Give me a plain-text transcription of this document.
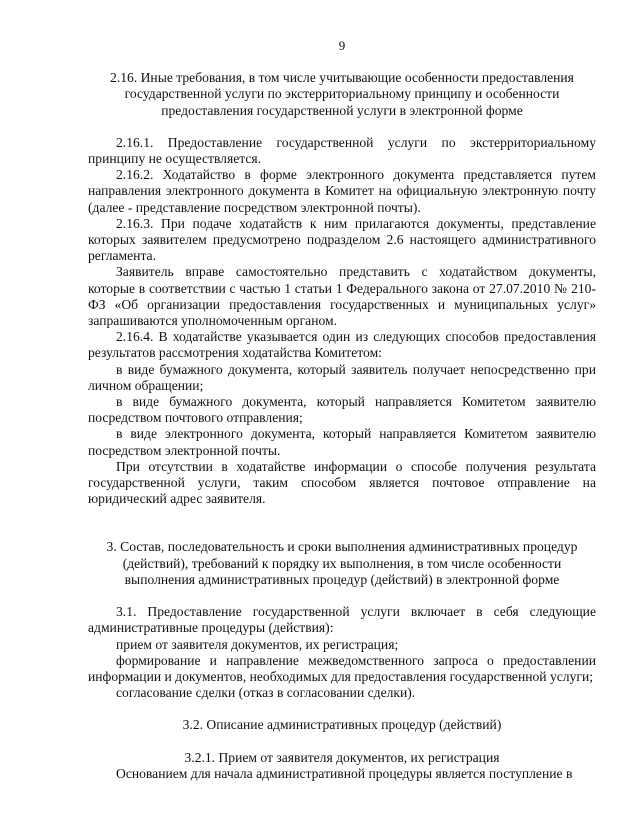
9

2.16. Иные требования, в том числе учитывающие особенности предоставления

государственной услуги по экстерриториальному принципу и особенности

предоставления государственной услуги в электронной форме

2.16.1. Предоставление государственной услуги по экстерриториальному принципу не осуществляется.

2.16.2. Ходатайство в форме электронного документа представляется путем направления электронного документа в Комитет на официальную электронную почту (далее - представление посредством электронной почты).

2.16.3. При подаче ходатайств к ним прилагаются документы, представление которых заявителем предусмотрено подразделом 2.6 настоящего административного регламента.

Заявитель вправе самостоятельно представить с ходатайством документы, которые в соответствии с частью 1 статьи 1 Федерального закона от 27.07.2010 № 210-ФЗ «Об организации предоставления государственных и муниципальных услуг» запрашиваются уполномоченным органом.

2.16.4. В ходатайстве указывается один из следующих способов предоставления результатов рассмотрения ходатайства Комитетом:

в виде бумажного документа, который заявитель получает непосредственно при личном обращении;

в виде бумажного документа, который направляется Комитетом заявителю посредством почтового отправления;

в виде электронного документа, который направляется Комитетом заявителю посредством электронной почты.

При отсутствии в ходатайстве информации о способе получения результата государственной услуги, таким способом является почтовое отправление на юридический адрес заявителя.

3. Состав, последовательность и сроки выполнения административных процедур

(действий), требований к порядку их выполнения, в том числе особенности

выполнения административных процедур (действий) в электронной форме

3.1. Предоставление государственной услуги включает в себя следующие административные процедуры (действия):

прием от заявителя документов, их регистрация;

формирование и направление межведомственного запроса о предоставлении информации и документов, необходимых для предоставления государственной услуги;

согласование сделки (отказ в согласовании сделки).

3.2. Описание административных процедур (действий)

3.2.1. Прием от заявителя документов, их регистрация

Основанием для начала административной процедуры является поступление в
